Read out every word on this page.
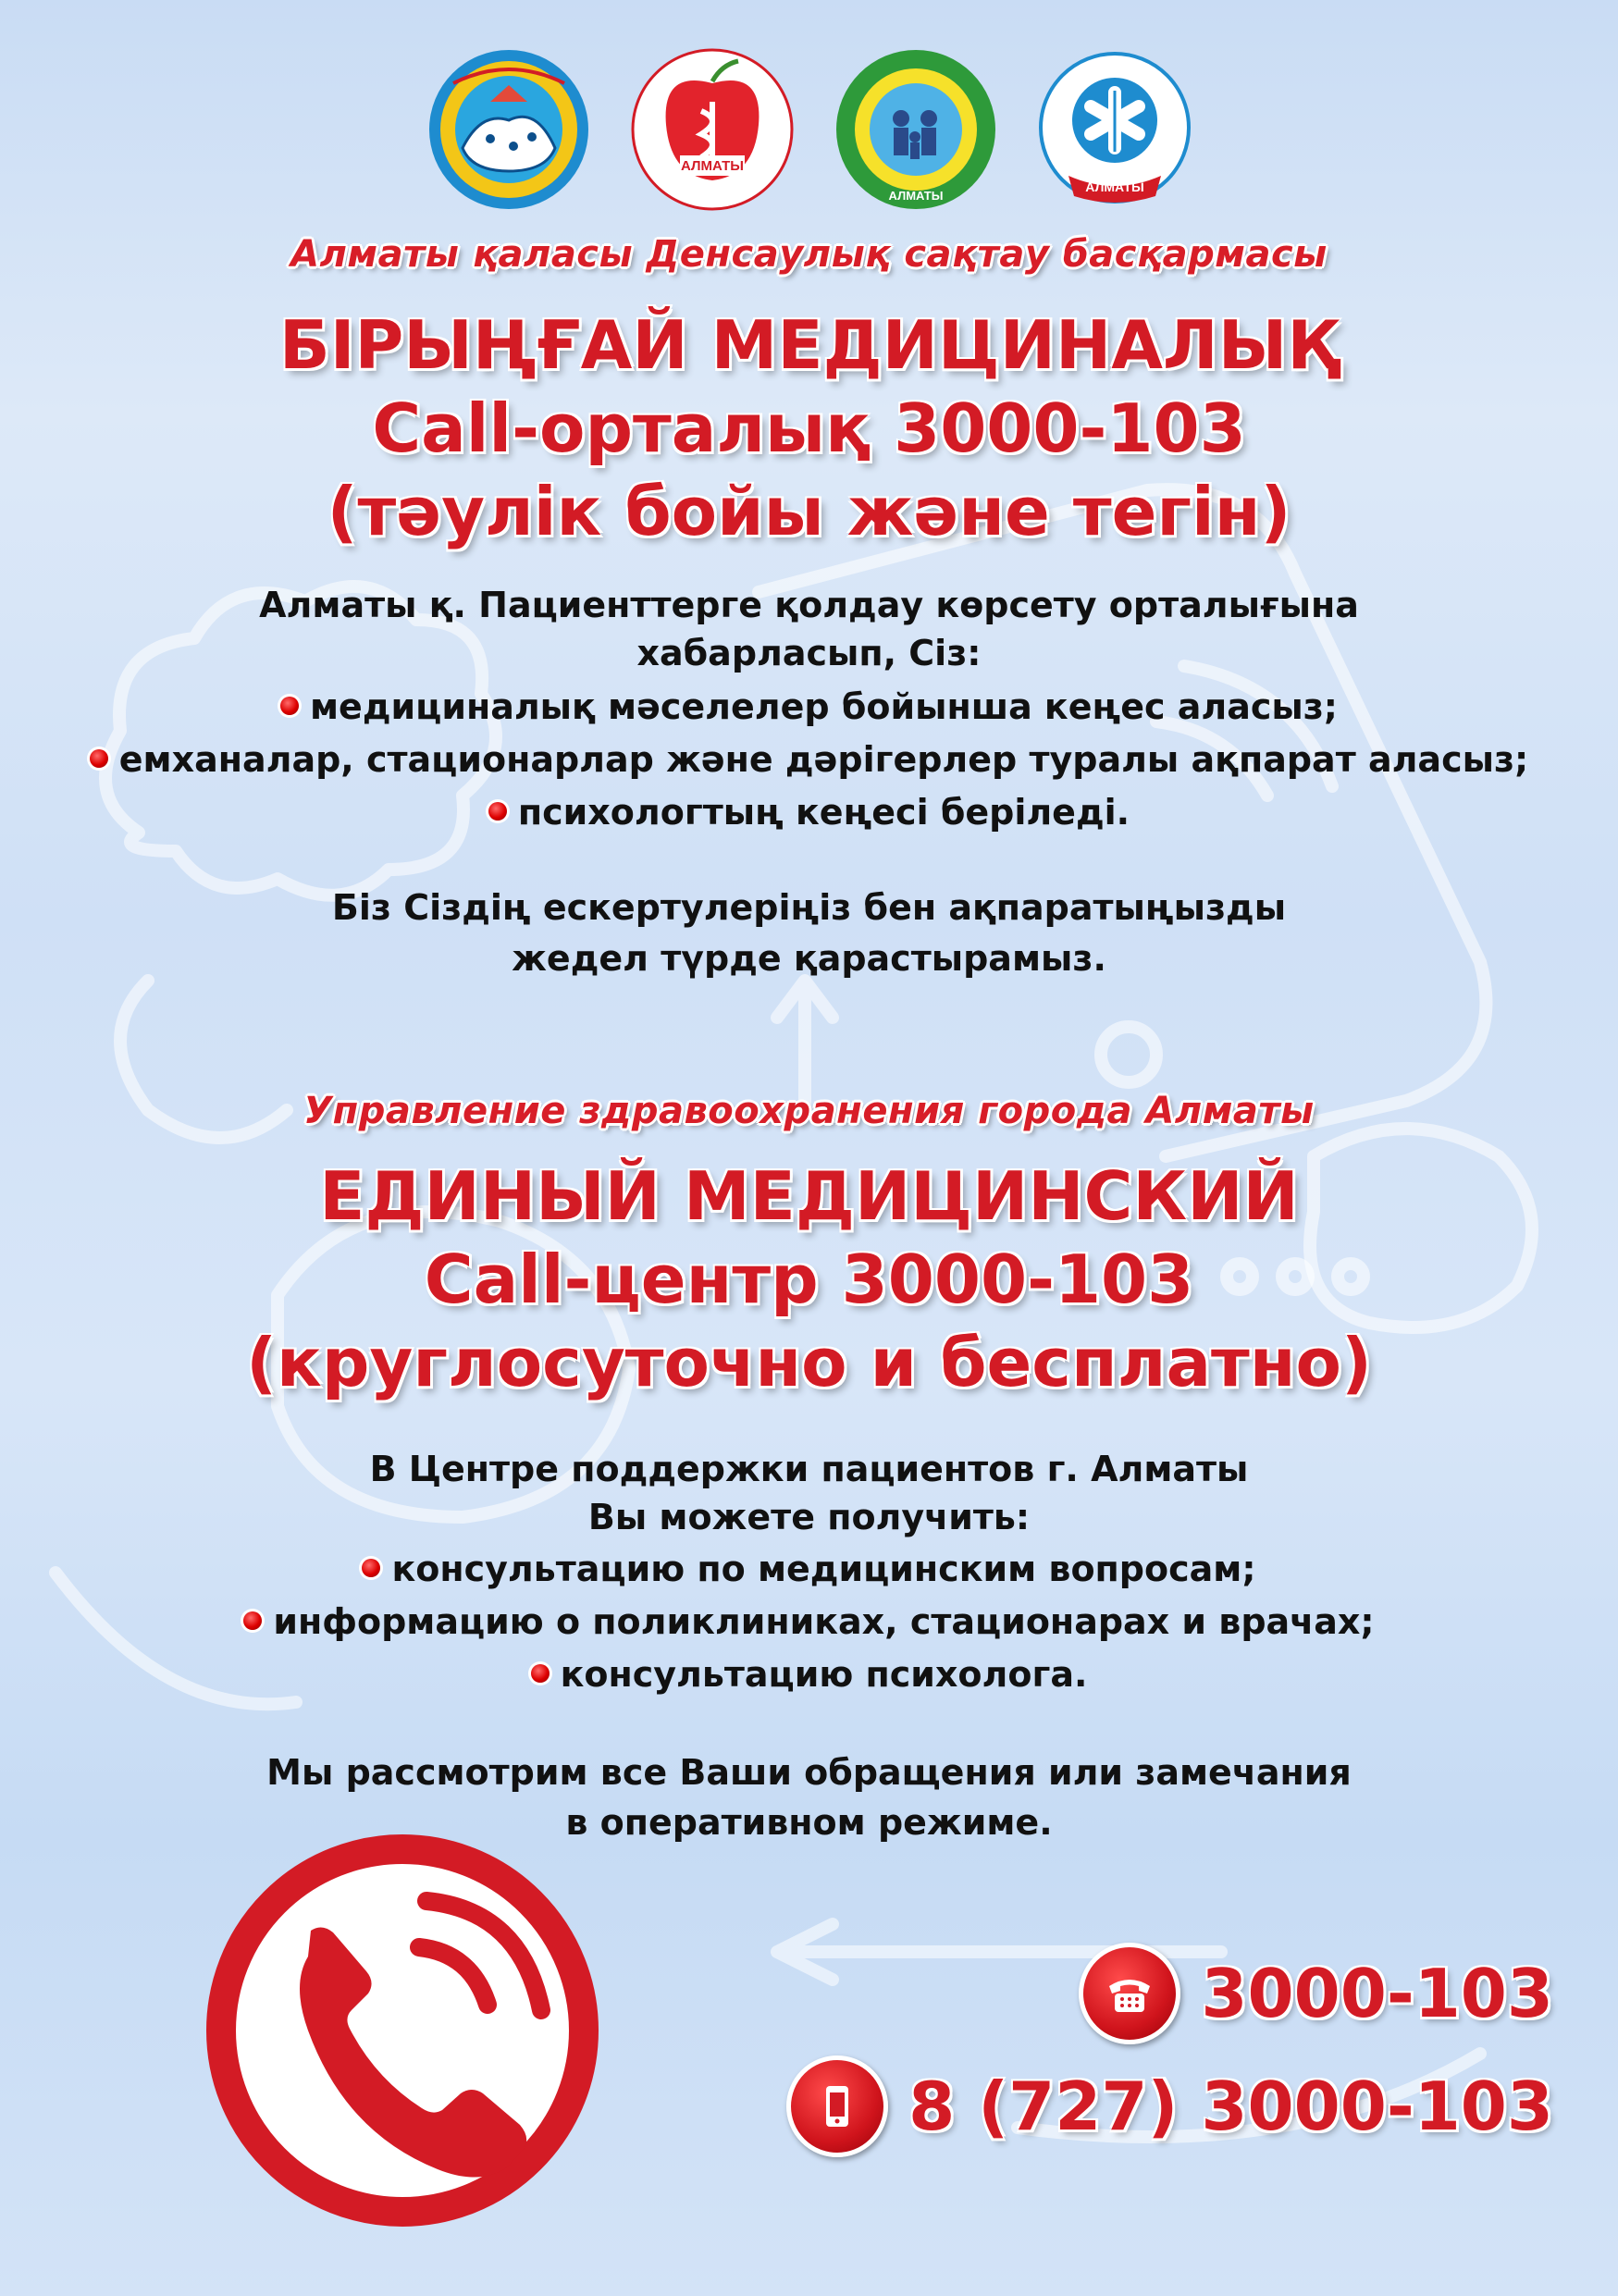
АЛМАТЫ
АЛМАТЫ
АЛМАТЫ
Алматы қаласы Денсаулық сақтау басқармасы
БІРЫҢҒАЙ МЕДИЦИНАЛЫҚ
Call-орталық 3000-103
(тәулік бойы және тегін)
Алматы қ. Пациенттерге қолдау көрсету орталығына
хабарласып, Сіз:
медициналық мәселелер бойынша кеңес аласыз;
емханалар, стационарлар және дәрігерлер туралы ақпарат аласыз;
психологтың кеңесі беріледі.
Біз Сіздің ескертулеріңіз бен ақпаратыңызды
жедел түрде қарастырамыз.
Управление здравоохранения города Алматы
ЕДИНЫЙ МЕДИЦИНСКИЙ
Call-центр 3000-103
(круглосуточно и бесплатно)
В Центре поддержки пациентов г. Алматы
Вы можете получить:
консультацию по медицинским вопросам;
информацию о поликлиниках, стационарах и врачах;
консультацию психолога.
Мы рассмотрим все Ваши обращения или замечания
в оперативном режиме.
3000-103
8 (727) 3000-103
